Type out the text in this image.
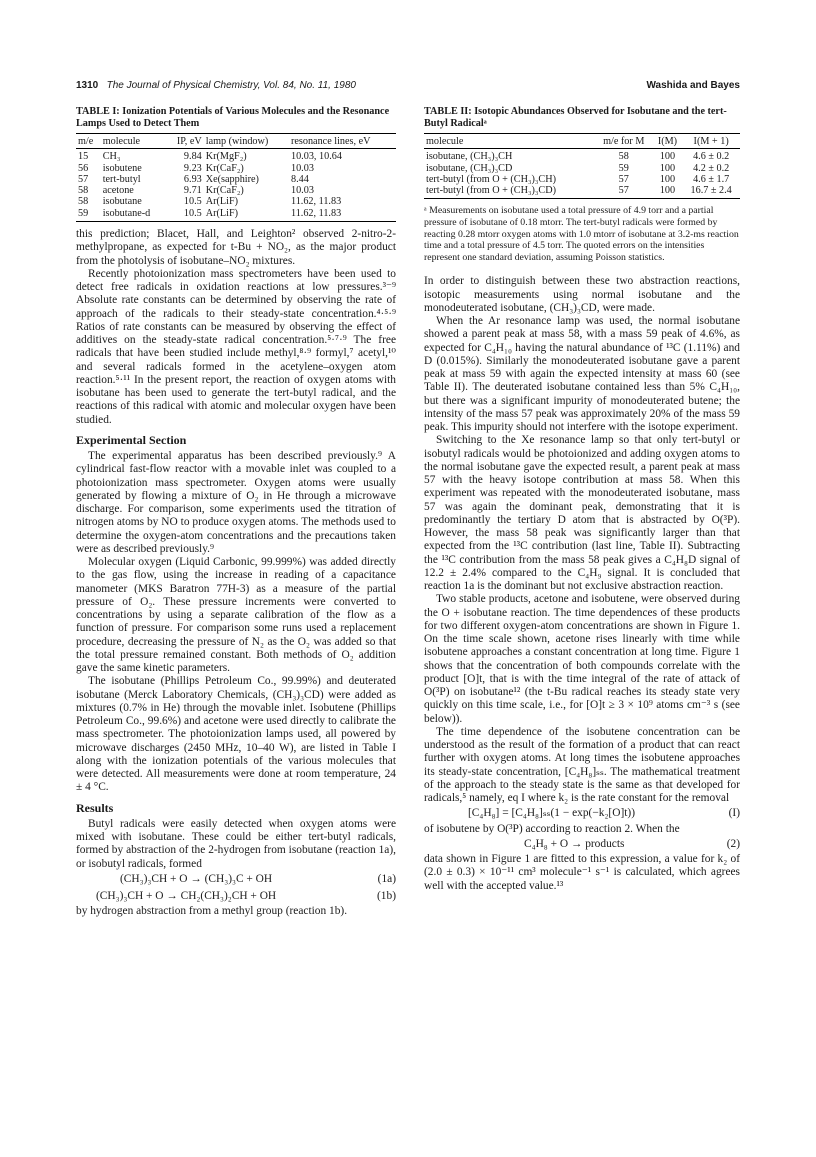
1310 The Journal of Physical Chemistry, Vol. 84, No. 11, 1980	Washida and Bayes
TABLE I: Ionization Potentials of Various Molecules and the Resonance Lamps Used to Detect Them
m/e	molecule	IP, eV	lamp (window)	resonance lines, eV
15	CH₃	9.84	Kr(MgF₂)	10.03, 10.64
56	isobutene	9.23	Kr(CaF₂)	10.03
57	tert-butyl	6.93	Xe(sapphire)	8.44
58	acetone	9.71	Kr(CaF₂)	10.03
58	isobutane	10.5	Ar(LiF)	11.62, 11.83
59	isobutane-d	10.5	Ar(LiF)	11.62, 11.83

this prediction; Blacet, Hall, and Leighton² observed 2-nitro-2-methylpropane, as expected for t-Bu + NO₂, as the major product from the photolysis of isobutane–NO₂ mixtures.

Recently photoionization mass spectrometers have been used to detect free radicals in oxidation reactions at low pressures.³⁻⁹ Absolute rate constants can be determined by observing the rate of approach of the radicals to their steady-state concentration.⁴·⁵·⁹ Ratios of rate constants can be measured by observing the effect of additives on the steady-state radical concentration.⁵·⁷·⁹ The free radicals that have been studied include methyl,⁸·⁹ formyl,⁷ acetyl,¹⁰ and several radicals formed in the acetylene–oxygen atom reaction.⁵·¹¹ In the present report, the reaction of oxygen atoms with isobutane has been used to generate the tert-butyl radical, and the reactions of this radical with atomic and molecular oxygen have been studied.

Experimental Section

The experimental apparatus has been described previously.⁹ A cylindrical fast-flow reactor with a movable inlet was coupled to a photoionization mass spectrometer. Oxygen atoms were usually generated by flowing a mixture of O₂ in He through a microwave discharge. For comparison, some experiments used the titration of nitrogen atoms by NO to produce oxygen atoms. The methods used to determine the oxygen-atom concentrations and the precautions taken were as described previously.⁹

Molecular oxygen (Liquid Carbonic, 99.999%) was added directly to the gas flow, using the increase in reading of a capacitance manometer (MKS Baratron 77H-3) as a measure of the partial pressure of O₂. These pressure increments were converted to concentrations by using a separate calibration of the flow as a function of pressure. For comparison some runs used a replacement procedure, decreasing the pressure of N₂ as the O₂ was added so that the total pressure remained constant. Both methods of O₂ addition gave the same kinetic parameters.

The isobutane (Phillips Petroleum Co., 99.99%) and deuterated isobutane (Merck Laboratory Chemicals, (CH₃)₃CD) were added as mixtures (0.7% in He) through the movable inlet. Isobutene (Phillips Petroleum Co., 99.6%) and acetone were used directly to calibrate the mass spectrometer. The photoionization lamps used, all powered by microwave discharges (2450 MHz, 10–40 W), are listed in Table I along with the ionization potentials of the various molecules that were detected. All measurements were done at room temperature, 24 ± 4 °C.

Results

Butyl radicals were easily detected when oxygen atoms were mixed with isobutane. These could be either tert-butyl radicals, formed by abstraction of the 2-hydrogen from isobutane (reaction 1a), or isobutyl radicals, formed

(CH₃)₃CH + O → (CH₃)₃C + OH	(1a)
(CH₃)₃CH + O → CH₂(CH₃)₂CH + OH	(1b)

by hydrogen abstraction from a methyl group (reaction 1b).

TABLE II: Isotopic Abundances Observed for Isobutane and the tert-Butyl Radicalᵃ
molecule	m/e for M	I(M)	I(M + 1)
isobutane, (CH₃)₃CH	58	100	4.6 ± 0.2
isobutane, (CH₃)₃CD	59	100	4.2 ± 0.2
tert-butyl (from O + (CH₃)₃CH)	57	100	4.6 ± 1.7
tert-butyl (from O + (CH₃)₃CD)	57	100	16.7 ± 2.4
ᵃ Measurements on isobutane used a total pressure of 4.9 torr and a partial pressure of isobutane of 0.18 mtorr. The tert-butyl radicals were formed by reacting 0.28 mtorr oxygen atoms with 1.0 mtorr of isobutane at 3.2-ms reaction time and a total pressure of 4.5 torr. The quoted errors on the intensities represent one standard deviation, assuming Poisson statistics.

In order to distinguish between these two abstraction reactions, isotopic measurements using normal isobutane and the monodeuterated isobutane, (CH₃)₃CD, were made.

When the Ar resonance lamp was used, the normal isobutane showed a parent peak at mass 58, with a mass 59 peak of 4.6%, as expected for C₄H₁₀ having the natural abundance of ¹³C (1.11%) and D (0.015%). Similarly the monodeuterated isobutane gave a parent peak at mass 59 with again the expected intensity at mass 60 (see Table II). The deuterated isobutane contained less than 5% C₄H₁₀, but there was a significant impurity of monodeuterated butene; the intensity of the mass 57 peak was approximately 20% of the mass 59 peak. This impurity should not interfere with the isotope experiment.

Switching to the Xe resonance lamp so that only tert-butyl or isobutyl radicals would be photoionized and adding oxygen atoms to the normal isobutane gave the expected result, a parent peak at mass 57 with the heavy isotope contribution at mass 58. When this experiment was repeated with the monodeuterated isobutane, mass 57 was again the dominant peak, demonstrating that it is predominantly the tertiary D atom that is abstracted by O(³P). However, the mass 58 peak was significantly larger than that expected from the ¹³C contribution (last line, Table II). Subtracting the ¹³C contribution from the mass 58 peak gives a C₄H₈D signal of 12.2 ± 2.4% compared to the C₄H₉ signal. It is concluded that reaction 1a is the dominant but not exclusive abstraction reaction.

Two stable products, acetone and isobutene, were observed during the O + isobutane reaction. The time dependences of these products for two different oxygen-atom concentrations are shown in Figure 1. On the time scale shown, acetone rises linearly with time while isobutene approaches a constant concentration at long time. Figure 1 shows that the concentration of both compounds correlate with the product [O]t, that is with the time integral of the rate of attack of O(³P) on isobutane¹² (the t-Bu radical reaches its steady state very quickly on this time scale, i.e., for [O]t ≥ 3 × 10⁹ atoms cm⁻³ s (see below)).

The time dependence of the isobutene concentration can be understood as the result of the formation of a product that can react further with oxygen atoms. At long times the isobutene approaches its steady-state concentration, [C₄H₈]ₛₛ. The mathematical treatment of the approach to the steady state is the same as that developed for radicals,⁵ namely, eq I where k₂ is the rate constant for the removal

[C₄H₈] = [C₄H₈]ₛₛ(1 − exp(−k₂[O]t))	(I)

of isobutene by O(³P) according to reaction 2. When the

C₄H₈ + O → products	(2)

data shown in Figure 1 are fitted to this expression, a value for k₂ of (2.0 ± 0.3) × 10⁻¹¹ cm³ molecule⁻¹ s⁻¹ is calculated, which agrees well with the accepted value.¹³
